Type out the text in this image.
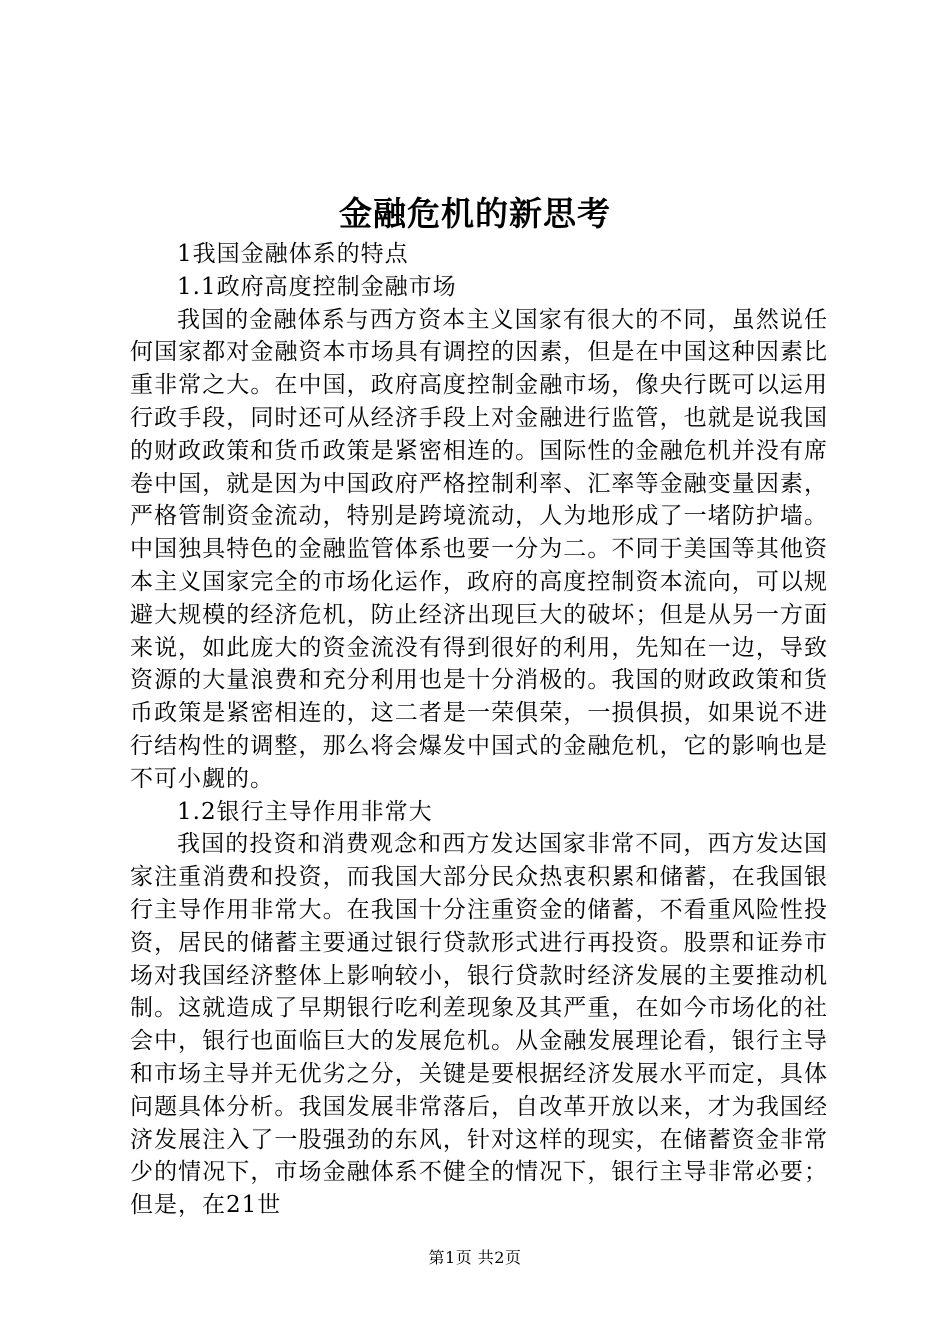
金融危机的新思考

1我国金融体系的特点

1.1政府高度控制金融市场

我国的金融体系与西方资本主义国家有很大的不同，虽然说任何国家都对金融资本市场具有调控的因素，但是在中国这种因素比重非常之大。在中国，政府高度控制金融市场，像央行既可以运用行政手段，同时还可从经济手段上对金融进行监管，也就是说我国的财政政策和货币政策是紧密相连的。国际性的金融危机并没有席卷中国，就是因为中国政府严格控制利率、汇率等金融变量因素，严格管制资金流动，特别是跨境流动，人为地形成了一堵防护墙。中国独具特色的金融监管体系也要一分为二。不同于美国等其他资本主义国家完全的市场化运作，政府的高度控制资本流向，可以规避大规模的经济危机，防止经济出现巨大的破坏；但是从另一方面来说，如此庞大的资金流没有得到很好的利用，先知在一边，导致资源的大量浪费和充分利用也是十分消极的。我国的财政政策和货币政策是紧密相连的，这二者是一荣俱荣，一损俱损，如果说不进行结构性的调整，那么将会爆发中国式的金融危机，它的影响也是不可小觑的。

1.2银行主导作用非常大

我国的投资和消费观念和西方发达国家非常不同，西方发达国家注重消费和投资，而我国大部分民众热衷积累和储蓄，在我国银行主导作用非常大。在我国十分注重资金的储蓄，不看重风险性投资，居民的储蓄主要通过银行贷款形式进行再投资。股票和证券市场对我国经济整体上影响较小，银行贷款时经济发展的主要推动机制。这就造成了早期银行吃利差现象及其严重，在如今市场化的社会中，银行也面临巨大的发展危机。从金融发展理论看，银行主导和市场主导并无优劣之分，关键是要根据经济发展水平而定，具体问题具体分析。我国发展非常落后，自改革开放以来，才为我国经济发展注入了一股强劲的东风，针对这样的现实，在储蓄资金非常少的情况下，市场金融体系不健全的情况下，银行主导非常必要；但是，在21世

第1页 共2页
